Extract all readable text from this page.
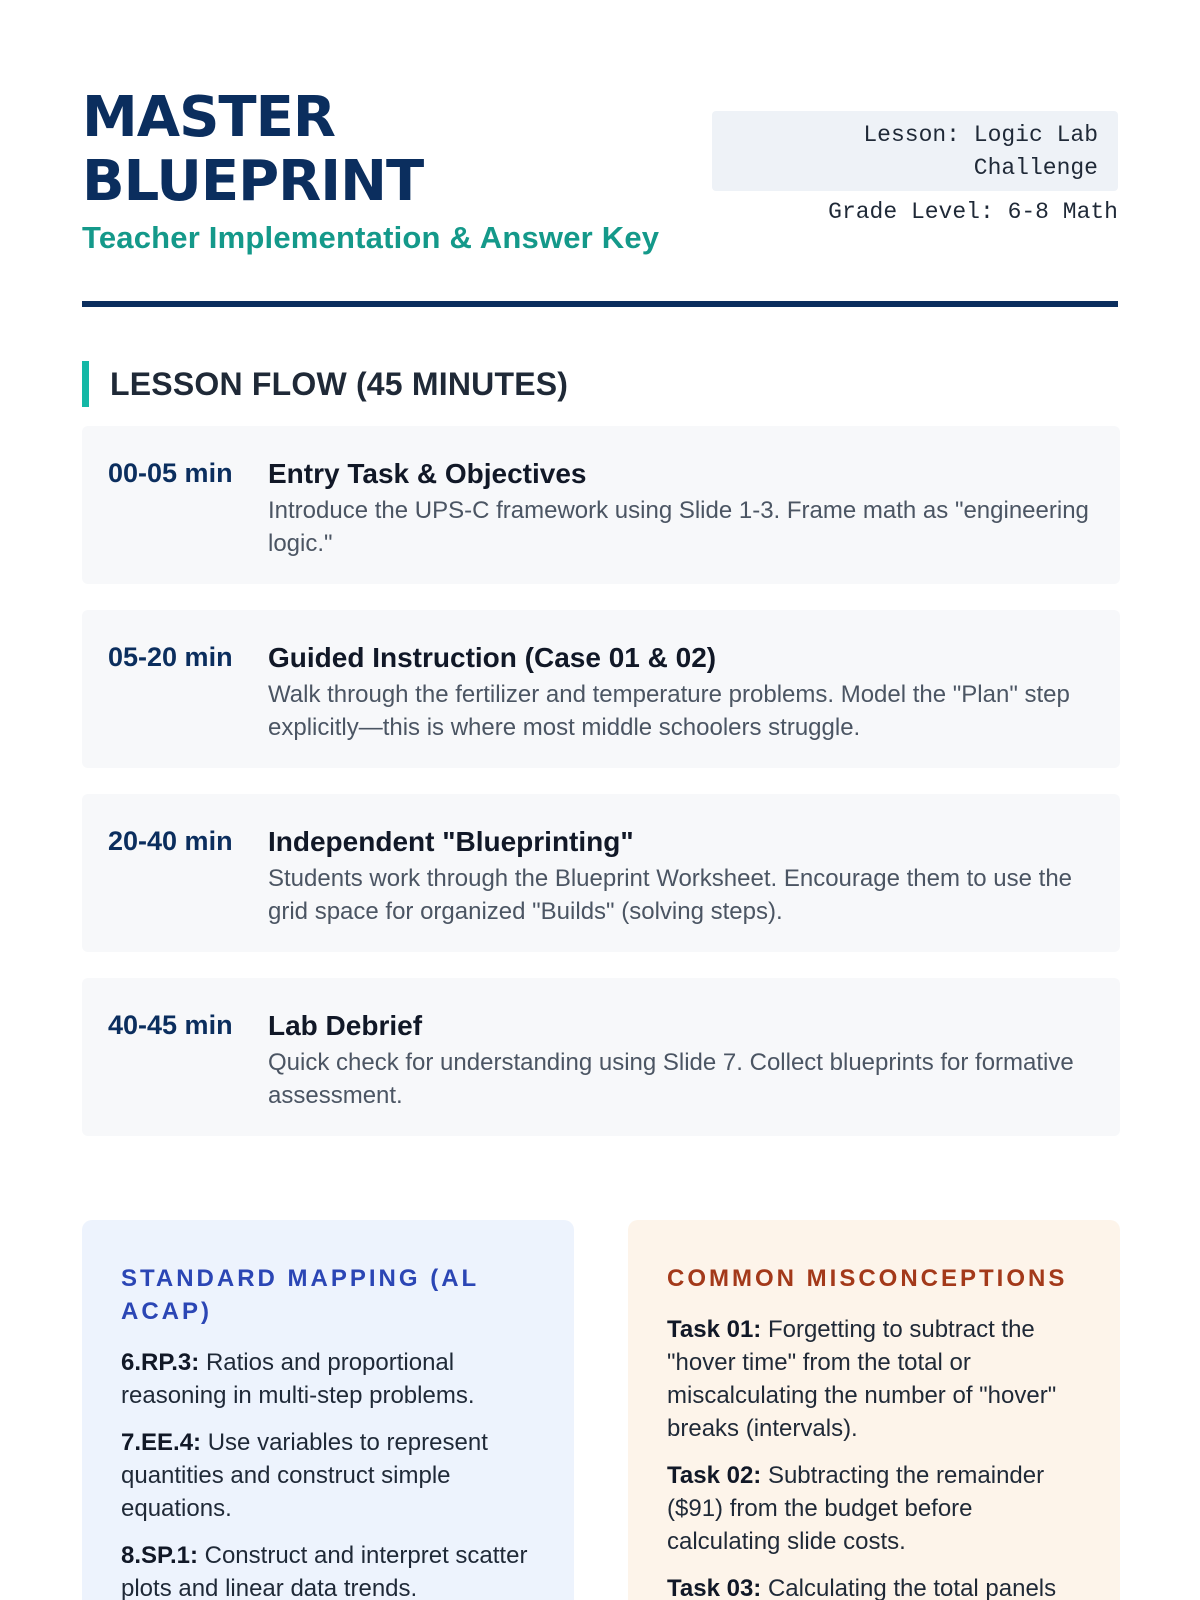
MASTER
BLUEPRINT
Teacher Implementation & Answer Key
Lesson: Logic Lab
Challenge
Grade Level: 6-8 Math
LESSON FLOW (45 MINUTES)
00-05 min Entry Task & Objectives
Introduce the UPS-C framework using Slide 1-3. Frame math as "engineering logic."
05-20 min Guided Instruction (Case 01 & 02)
Walk through the fertilizer and temperature problems. Model the "Plan" step explicitly—this is where most middle schoolers struggle.
20-40 min Independent "Blueprinting"
Students work through the Blueprint Worksheet. Encourage them to use the grid space for organized "Builds" (solving steps).
40-45 min Lab Debrief
Quick check for understanding using Slide 7. Collect blueprints for formative assessment.
STANDARD MAPPING (AL ACAP)
6.RP.3: Ratios and proportional reasoning in multi-step problems.
7.EE.4: Use variables to represent quantities and construct simple equations.
8.SP.1: Construct and interpret scatter plots and linear data trends.
COMMON MISCONCEPTIONS
Task 01: Forgetting to subtract the "hover time" from the total or miscalculating the number of "hover" breaks (intervals).
Task 02: Subtracting the remainder ($91) from the budget before calculating slide costs.
Task 03: Calculating the total panels
